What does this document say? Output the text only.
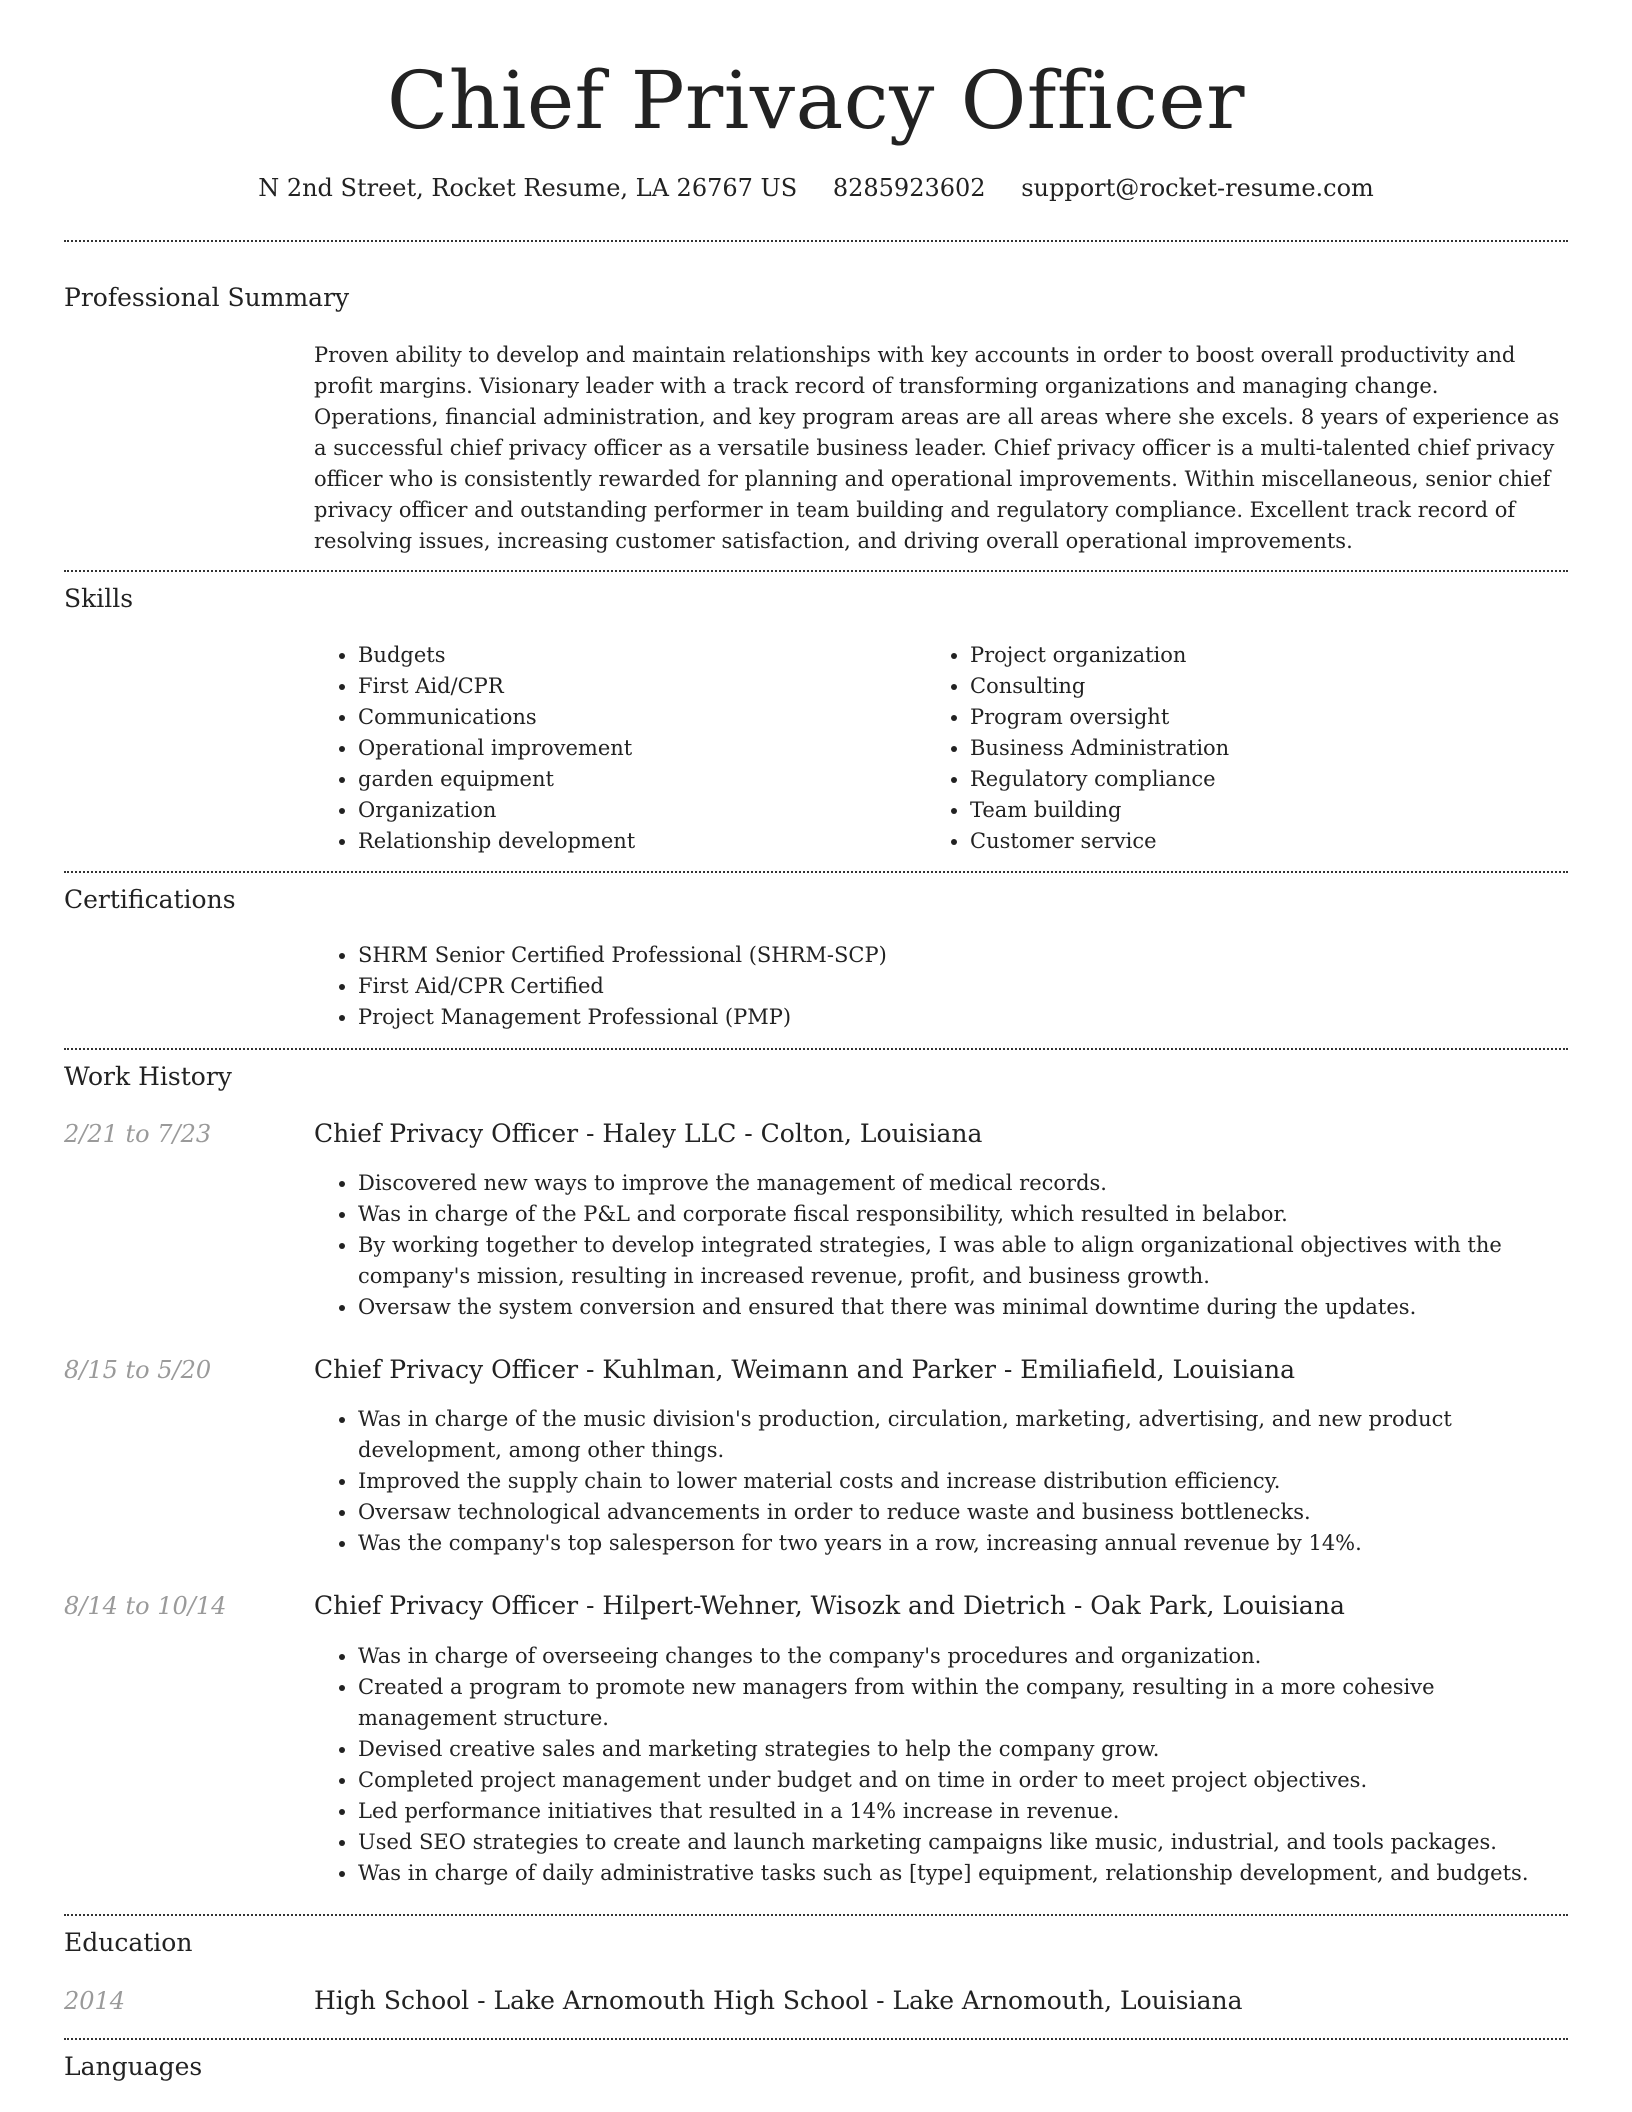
Chief Privacy Officer
N 2nd Street, Rocket Resume, LA 26767 US 8285923602 support@rocket-resume.com
Professional Summary

Proven ability to develop and maintain relationships with key accounts in order to boost overall productivity and profit margins. Visionary leader with a track record of transforming organizations and managing change. Operations, financial administration, and key program areas are all areas where she excels. 8 years of experience as a successful chief privacy officer as a versatile business leader. Chief privacy officer is a multi-talented chief privacy officer who is consistently rewarded for planning and operational improvements. Within miscellaneous, senior chief privacy officer and outstanding performer in team building and regulatory compliance. Excellent track record of resolving issues, increasing customer satisfaction, and driving overall operational improvements.

Skills
• Budgets
• First Aid/CPR
• Communications
• Operational improvement
• garden equipment
• Organization
• Relationship development
• Project organization
• Consulting
• Program oversight
• Business Administration
• Regulatory compliance
• Team building
• Customer service
Certifications
• SHRM Senior Certified Professional (SHRM-SCP)
• First Aid/CPR Certified
• Project Management Professional (PMP)
Work History
2/21 to 7/23	Chief Privacy Officer - Haley LLC - Colton, Louisiana
• Discovered new ways to improve the management of medical records.
• Was in charge of the P&L and corporate fiscal responsibility, which resulted in belabor.
• By working together to develop integrated strategies, I was able to align organizational objectives with the company's mission, resulting in increased revenue, profit, and business growth.
• Oversaw the system conversion and ensured that there was minimal downtime during the updates.
8/15 to 5/20	Chief Privacy Officer - Kuhlman, Weimann and Parker - Emiliafield, Louisiana
• Was in charge of the music division's production, circulation, marketing, advertising, and new product development, among other things.
• Improved the supply chain to lower material costs and increase distribution efficiency.
• Oversaw technological advancements in order to reduce waste and business bottlenecks.
• Was the company's top salesperson for two years in a row, increasing annual revenue by 14%.
8/14 to 10/14	Chief Privacy Officer - Hilpert-Wehner, Wisozk and Dietrich - Oak Park, Louisiana
• Was in charge of overseeing changes to the company's procedures and organization.
• Created a program to promote new managers from within the company, resulting in a more cohesive management structure.
• Devised creative sales and marketing strategies to help the company grow.
• Completed project management under budget and on time in order to meet project objectives.
• Led performance initiatives that resulted in a 14% increase in revenue.
• Used SEO strategies to create and launch marketing campaigns like music, industrial, and tools packages.
• Was in charge of daily administrative tasks such as [type] equipment, relationship development, and budgets.
Education
2014	High School - Lake Arnomouth High School - Lake Arnomouth, Louisiana
Languages
